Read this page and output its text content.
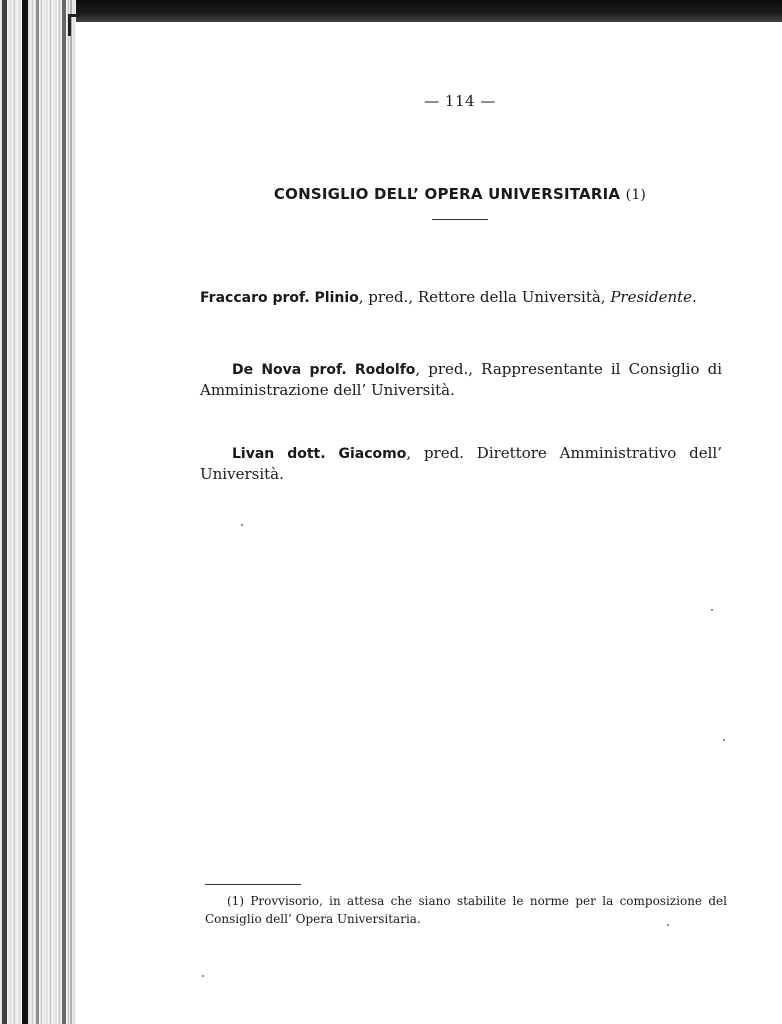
— 114 —
CONSIGLIO DELL’ OPERA UNIVERSITARIA (1)
Fraccaro prof. Plinio, pred., Rettore della Università, Presidente.
De Nova prof. Rodolfo, pred., Rappresentante il Consiglio di Amministrazione dell’ Università.
Livan dott. Giacomo, pred. Direttore Amministrativo dell’ Università.
(1) Provvisorio, in attesa che siano stabilite le norme per la composizione del Consiglio dell’ Opera Universitaria.
